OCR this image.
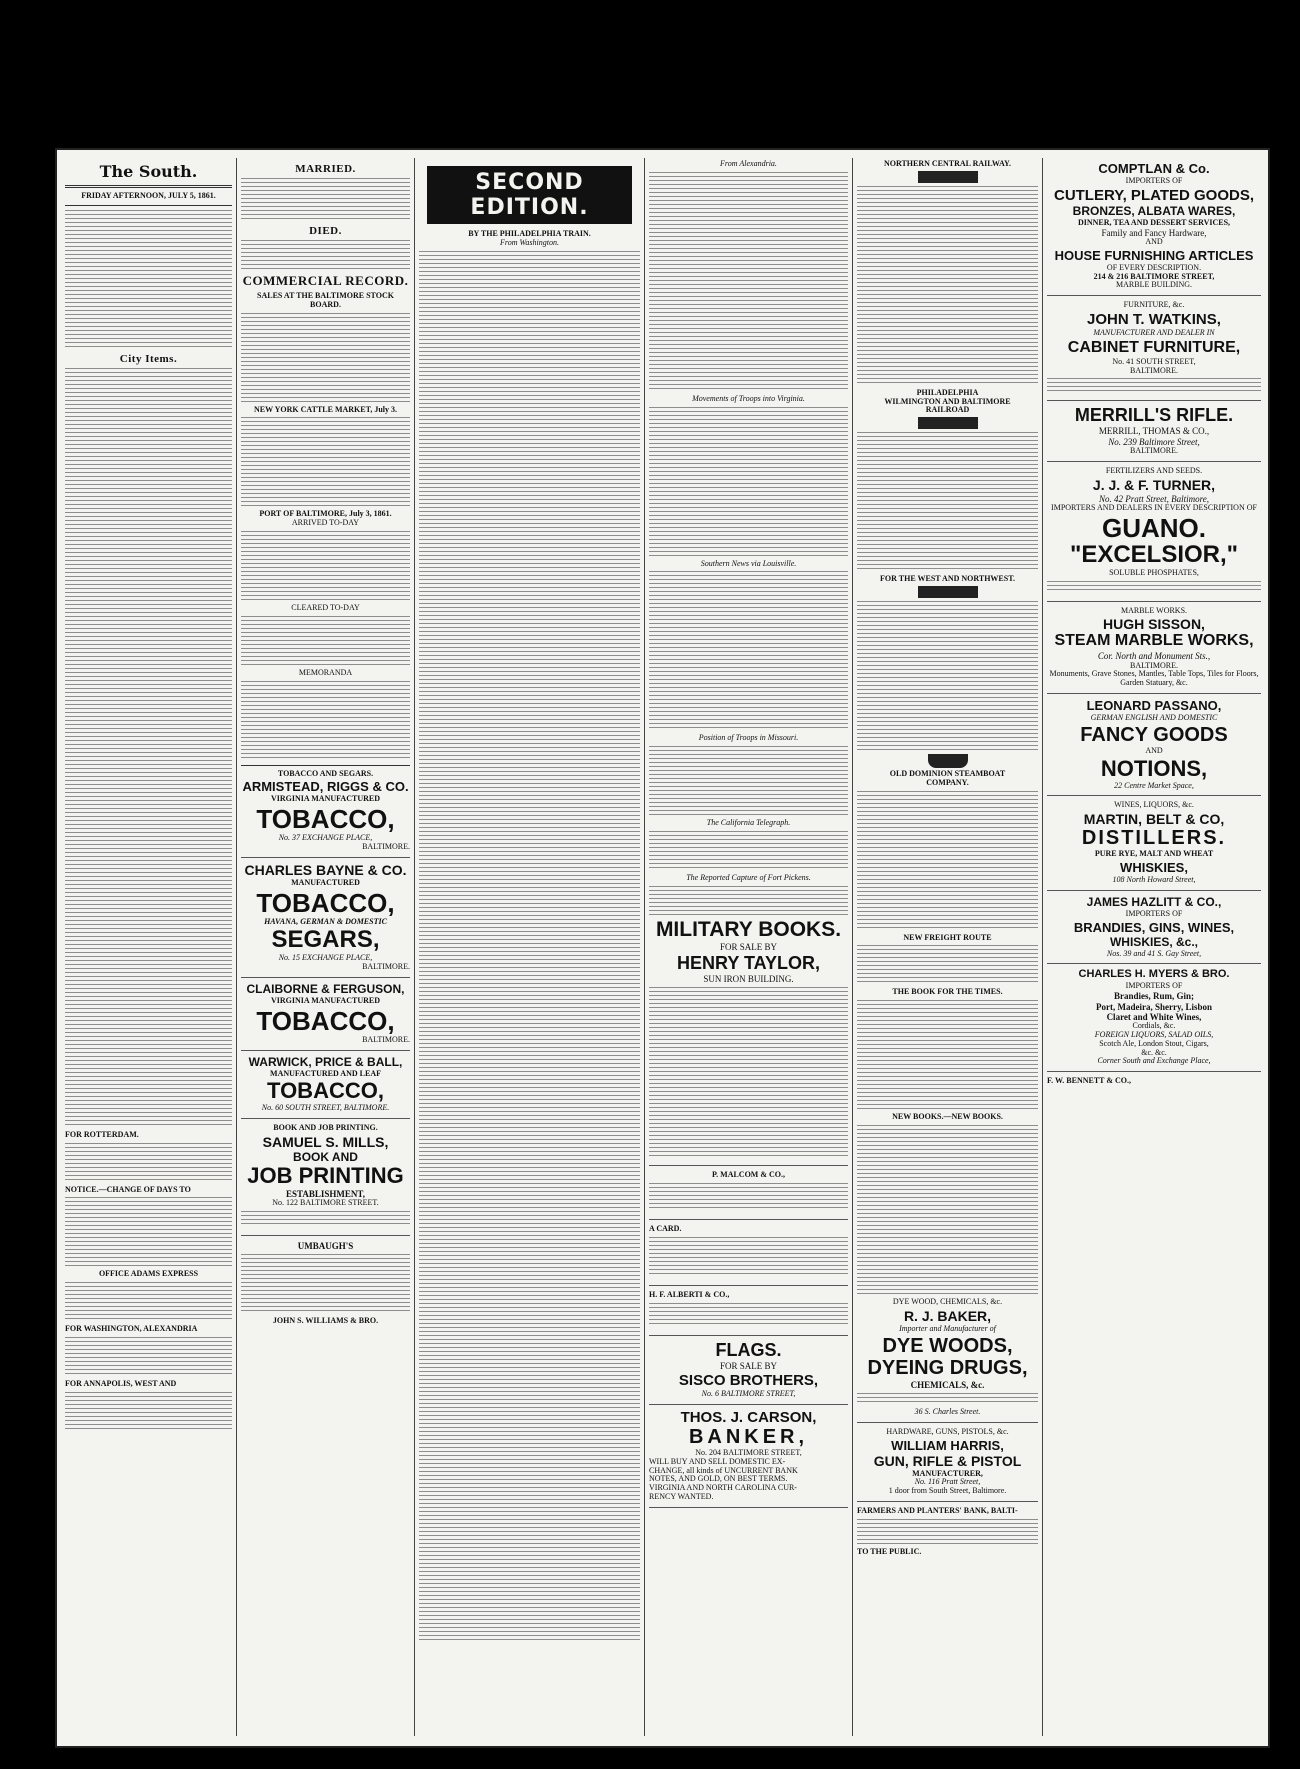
The South.
FRIDAY AFTERNOON, JULY 5, 1861.
City Items.
FOR ROTTERDAM.
NOTICE.—CHANGE OF DAYS TO
OFFICE ADAMS EXPRESS
FOR WASHINGTON, ALEXANDRIA
FOR ANNAPOLIS, WEST AND
MARRIED.
DIED.
COMMERCIAL RECORD.
SALES AT THE BALTIMORE STOCK BOARD.
NEW YORK CATTLE MARKET, July 3.
PORT OF BALTIMORE, July 3, 1861.
ARRIVED TO-DAY
CLEARED TO-DAY
MEMORANDA
TOBACCO AND SEGARS.
ARMISTEAD, RIGGS & CO.
VIRGINIA MANUFACTURED
TOBACCO,
No. 37 EXCHANGE PLACE,
BALTIMORE.
CHARLES BAYNE & CO.
MANUFACTURED
TOBACCO,
HAVANA, GERMAN & DOMESTIC
SEGARS,
No. 15 EXCHANGE PLACE,
BALTIMORE.
CLAIBORNE & FERGUSON,
VIRGINIA MANUFACTURED
TOBACCO,
BALTIMORE.
WARWICK, PRICE & BALL,
MANUFACTURED AND LEAF
TOBACCO,
No. 60 SOUTH STREET, BALTIMORE.
BOOK AND JOB PRINTING.
SAMUEL S. MILLS,
BOOK AND
JOB PRINTING
ESTABLISHMENT,
No. 122 BALTIMORE STREET.
UMBAUGH'S
JOHN S. WILLIAMS & BRO.
SECOND EDITION.
BY THE PHILADELPHIA TRAIN.
From Washington.
From Alexandria.
Movements of Troops into Virginia.
Southern News via Louisville.
Position of Troops in Missouri.
The California Telegraph.
The Reported Capture of Fort Pickens.
MILITARY BOOKS.
FOR SALE BY
HENRY TAYLOR,
SUN IRON BUILDING.
P. MALCOM & CO.,
A CARD.
H. F. ALBERTI & CO.,
FLAGS.
FOR SALE BY
SISCO BROTHERS,
No. 6 BALTIMORE STREET,
THOS. J. CARSON,
BANKER,
No. 204 BALTIMORE STREET,
WILL BUY AND SELL DOMESTIC EX-
CHANGE, all kinds of UNCURRENT BANK
NOTES, AND GOLD, ON BEST TERMS.
VIRGINIA AND NORTH CAROLINA CUR-
RENCY WANTED.
NORTHERN CENTRAL RAILWAY.
PHILADELPHIA
WILMINGTON AND BALTIMORE
RAILROAD
FOR THE WEST AND NORTHWEST.
OLD DOMINION STEAMBOAT
COMPANY.
NEW FREIGHT ROUTE
THE BOOK FOR THE TIMES.
NEW BOOKS.—NEW BOOKS.
DYE WOOD, CHEMICALS, &c.
R. J. BAKER,
Importer and Manufacturer of
DYE WOODS,
DYEING DRUGS,
CHEMICALS, &c.
36 S. Charles Street.
HARDWARE, GUNS, PISTOLS, &c.
WILLIAM HARRIS,
GUN, RIFLE & PISTOL
MANUFACTURER,
No. 116 Pratt Street,
1 door from South Street, Baltimore.
FARMERS AND PLANTERS' BANK, BALTI-
TO THE PUBLIC.
COMPTLAN & Co.
IMPORTERS OF
CUTLERY, PLATED GOODS,
BRONZES, ALBATA WARES,
DINNER, TEA AND DESSERT SERVICES,
Family and Fancy Hardware,
AND
HOUSE FURNISHING ARTICLES
OF EVERY DESCRIPTION.
214 & 216 BALTIMORE STREET,
MARBLE BUILDING.
FURNITURE, &c.
JOHN T. WATKINS,
MANUFACTURER AND DEALER IN
CABINET FURNITURE,
No. 41 SOUTH STREET,
BALTIMORE.
MERRILL'S RIFLE.
MERRILL, THOMAS & CO.,
No. 239 Baltimore Street,
BALTIMORE.
FERTILIZERS AND SEEDS.
J. J. & F. TURNER,
No. 42 Pratt Street, Baltimore,
IMPORTERS AND DEALERS IN EVERY DESCRIPTION OF
GUANO.
"EXCELSIOR,"
SOLUBLE PHOSPHATES,
MARBLE WORKS.
HUGH SISSON,
STEAM MARBLE WORKS,
Cor. North and Monument Sts.,
BALTIMORE.
Monuments, Grave Stones, Mantles, Table Tops, Tiles for Floors, Garden Statuary, &c.
LEONARD PASSANO,
GERMAN ENGLISH AND DOMESTIC
FANCY GOODS
AND
NOTIONS,
22 Centre Market Space,
WINES, LIQUORS, &c.
MARTIN, BELT & CO,
DISTILLERS.
PURE RYE, MALT AND WHEAT
WHISKIES,
108 North Howard Street,
JAMES HAZLITT & CO.,
IMPORTERS OF
BRANDIES, GINS, WINES,
WHISKIES, &c.,
Nos. 39 and 41 S. Gay Street,
CHARLES H. MYERS & BRO.
IMPORTERS OF
Brandies, Rum, Gin;
Port, Madeira, Sherry, Lisbon
Claret and White Wines,
Cordials, &c.
FOREIGN LIQUORS, SALAD OILS,
Scotch Ale, London Stout, Cigars,
&c. &c.
Corner South and Exchange Place,
F. W. BENNETT & CO.,
